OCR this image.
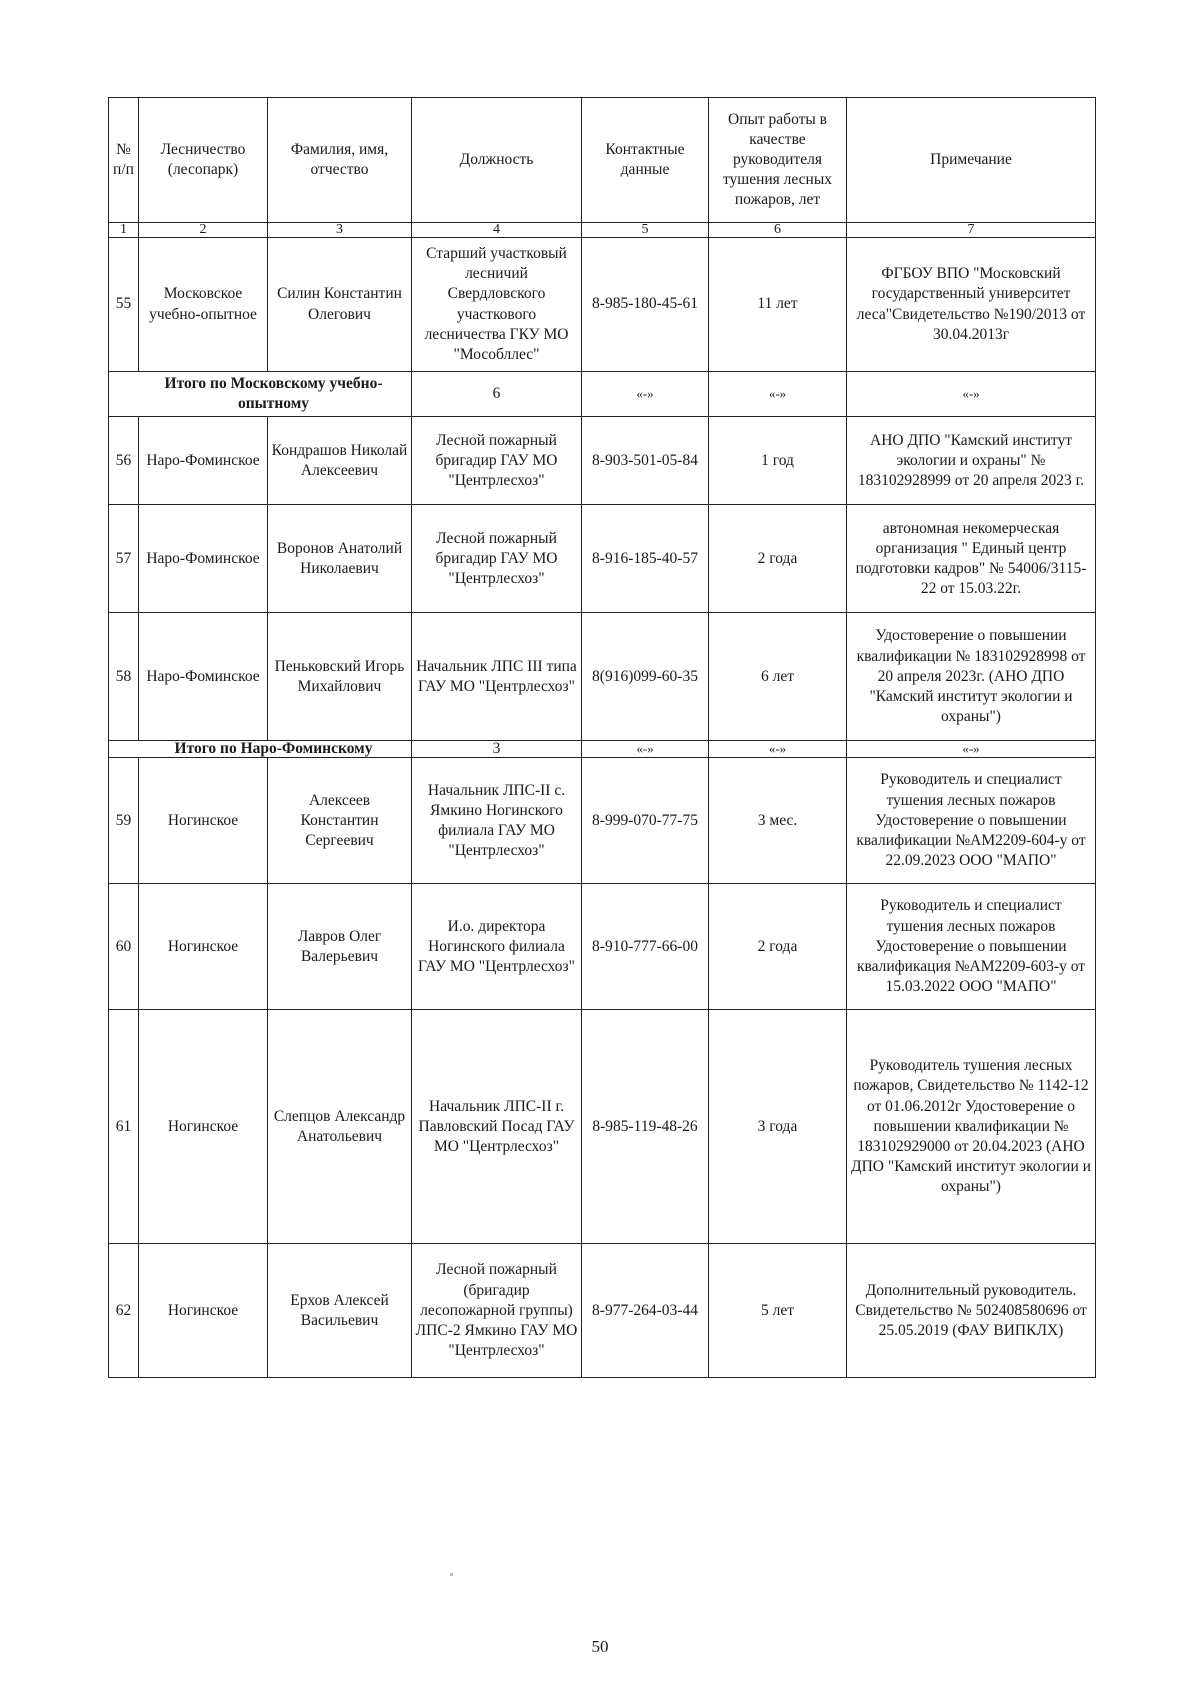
№ п/п	Лесничество (лесопарк)	Фамилия, имя, отчество	Должность	Контактные данные	Опыт работы в качестве руководителя тушения лесных пожаров, лет	Примечание
1	2	3	4	5	6	7
55	Московское учебно-опытное	Силин Константин Олегович	Старший участковый лесничий Свердловского участкового лесничества ГКУ МО "Мособллес"	8-985-180-45-61	11 лет	ФГБОУ ВПО "Московский государственный университет леса"Свидетельство №190/2013 от 30.04.2013г
Итого по Московскому учебно-опытному			6	«-»	«-»	«-»
56	Наро-Фоминское	Кондрашов Николай Алексеевич	Лесной пожарный бригадир ГАУ МО "Центрлесхоз"	8-903-501-05-84	1 год	АНО ДПО "Камский институт экологии и охраны" № 183102928999 от 20 апреля 2023 г.
57	Наро-Фоминское	Воронов Анатолий Николаевич	Лесной пожарный бригадир ГАУ МО "Центрлесхоз"	8-916-185-40-57	2 года	автономная некомерческая организация " Единый центр подготовки кадров" № 54006/3115-22 от 15.03.22г.
58	Наро-Фоминское	Пеньковский Игорь Михайлович	Начальник ЛПС III типа ГАУ МО "Центрлесхоз"	8(916)099-60-35	6 лет	Удостоверение о повышении квалификации № 183102928998 от 20 апреля 2023г. (АНО ДПО "Камский институт экологии и охраны")
Итого по Наро-Фоминскому			3	«-»	«-»	«-»
59	Ногинское	Алексеев Константин Сергеевич	Начальник ЛПС-II с. Ямкино Ногинского филиала ГАУ МО "Центрлесхоз"	8-999-070-77-75	3 мес.	Руководитель и специалист тушения лесных пожаров Удостоверение о повышении квалификации №АМ2209-604-у от 22.09.2023 ООО "МАПО"
60	Ногинское	Лавров Олег Валерьевич	И.о. директора Ногинского филиала ГАУ МО "Центрлесхоз"	8-910-777-66-00	2 года	Руководитель и специалист тушения лесных пожаров Удостоверение о повышении квалификация №АМ2209-603-у от 15.03.2022 ООО "МАПО"
61	Ногинское	Слепцов Александр Анатольевич	Начальник ЛПС-II г. Павловский Посад ГАУ МО "Центрлесхоз"	8-985-119-48-26	3 года	Руководитель тушения лесных пожаров, Свидетельство № 1142-12 от 01.06.2012г Удостоверение о повышении квалификации № 183102929000 от 20.04.2023 (АНО ДПО "Камский институт экологии и охраны")
62	Ногинское	Ерхов Алексей Васильевич	Лесной пожарный (бригадир лесопожарной группы) ЛПС-2 Ямкино ГАУ МО "Центрлесхоз"	8-977-264-03-44	5 лет	Дополнительный руководитель. Свидетельство № 502408580696 от 25.05.2019 (ФАУ ВИПКЛХ)
50
